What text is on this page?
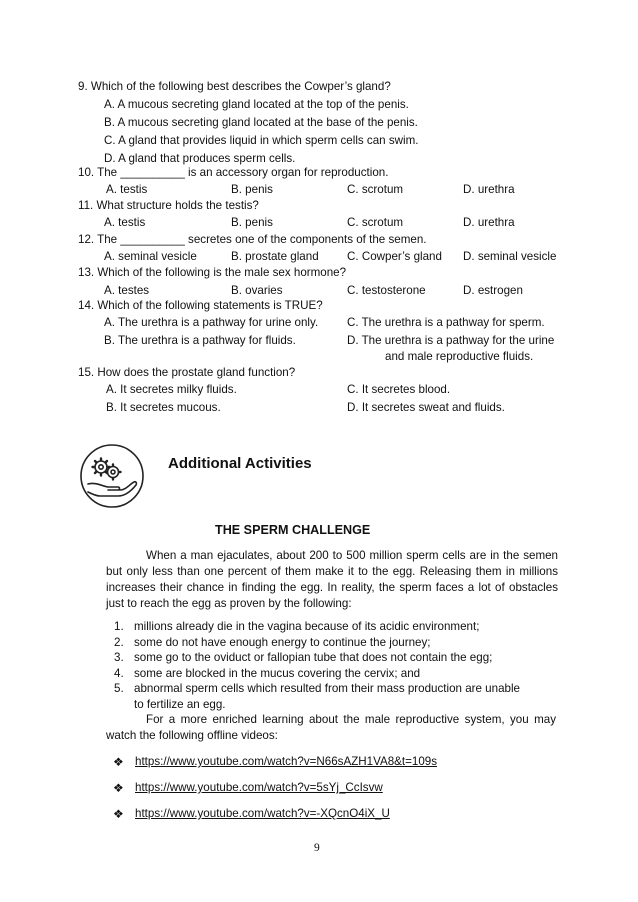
9. Which of the following best describes the Cowper’s gland?
A. A mucous secreting gland located at the top of the penis.
B. A mucous secreting gland located at the base of the penis.
C. A gland that provides liquid in which sperm cells can swim.
D. A gland that produces sperm cells.
10. The __________ is an accessory organ for reproduction.
A. testis	B. penis	C. scrotum	D. urethra
11. What structure holds the testis?
A. testis	B. penis	C. scrotum	D. urethra
12. The __________ secretes one of the components of the semen.
A. seminal vesicle	B. prostate gland C. Cowper’s gland D. seminal vesicle
13. Which of the following is the male sex hormone?
A. testes	B. ovaries	C. testosterone	D. estrogen
14. Which of the following statements is TRUE?
A. The urethra is a pathway for urine only.
B. The urethra is a pathway for fluids.
C. The urethra is a pathway for sperm.
D. The urethra is a pathway for the urine
and male reproductive fluids.
15. How does the prostate gland function?
A. It secretes milky fluids.
B. It secretes mucous.
C. It secretes blood.
D. It secretes sweat and fluids.
Additional Activities
THE SPERM CHALLENGE
When a man ejaculates, about 200 to 500 million sperm cells are in the semen but only less than one percent of them make it to the egg. Releasing them in millions increases their chance in finding the egg. In reality, the sperm faces a lot of obstacles just to reach the egg as proven by the following:
1. millions already die in the vagina because of its acidic environment;
2. some do not have enough energy to continue the journey;
3. some go to the oviduct or fallopian tube that does not contain the egg;
4. some are blocked in the mucus covering the cervix; and
5. abnormal sperm cells which resulted from their mass production are unable to fertilize an egg.
For a more enriched learning about the male reproductive system, you may watch the following offline videos:
❖ https://www.youtube.com/watch?v=N66sAZH1VA8&t=109s
❖ https://www.youtube.com/watch?v=5sYj_CcIsvw
❖ https://www.youtube.com/watch?v=-XQcnO4iX_U
9
